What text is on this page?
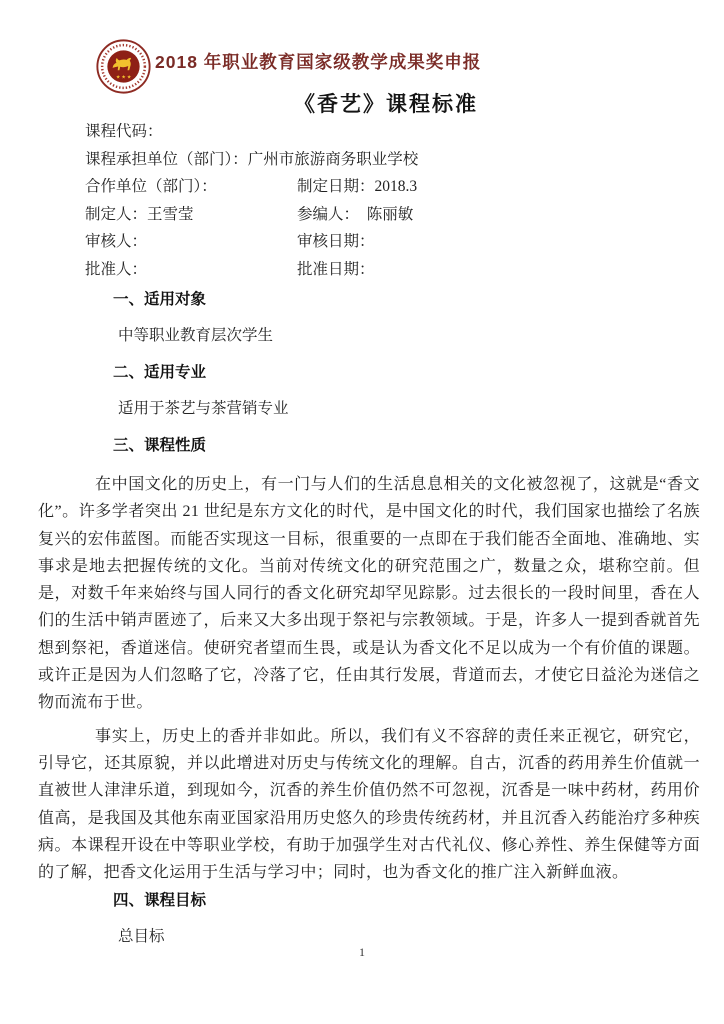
★ ★ ★
2018 年职业教育国家级教学成果奖申报
《香艺》课程标准
课程代码：
课程承担单位（部门）：广州市旅游商务职业学校
合作单位（部门）：	制定日期：2018.3
制定人：王雪莹	参编人：　陈丽敏
审核人：	审核日期：
批准人：	批准日期：
一、适用对象
中等职业教育层次学生
二、适用专业
适用于茶艺与茶营销专业
三、课程性质

在中国文化的历史上，有一门与人们的生活息息相关的文化被忽视了，这就是“香文化”。许多学者突出 21 世纪是东方文化的时代，是中国文化的时代，我们国家也描绘了名族复兴的宏伟蓝图。而能否实现这一目标，很重要的一点即在于我们能否全面地、准确地、实事求是地去把握传统的文化。当前对传统文化的研究范围之广，数量之众，堪称空前。但是，对数千年来始终与国人同行的香文化研究却罕见踪影。过去很长的一段时间里，香在人们的生活中销声匿迹了，后来又大多出现于祭祀与宗教领域。于是，许多人一提到香就首先想到祭祀，香道迷信。使研究者望而生畏，或是认为香文化不足以成为一个有价值的课题。或许正是因为人们忽略了它，冷落了它，任由其行发展，背道而去，才使它日益沦为迷信之物而流布于世。

事实上，历史上的香并非如此。所以，我们有义不容辞的责任来正视它，研究它，引导它，还其原貌，并以此增进对历史与传统文化的理解。自古，沉香的药用养生价值就一直被世人津津乐道，到现如今，沉香的养生价值仍然不可忽视，沉香是一味中药材，药用价值高，是我国及其他东南亚国家沿用历史悠久的珍贵传统药材，并且沉香入药能治疗多种疾病。本课程开设在中等职业学校，有助于加强学生对古代礼仪、修心养性、养生保健等方面的了解，把香文化运用于生活与学习中；同时，也为香文化的推广注入新鲜血液。

四、课程目标
总目标
1
